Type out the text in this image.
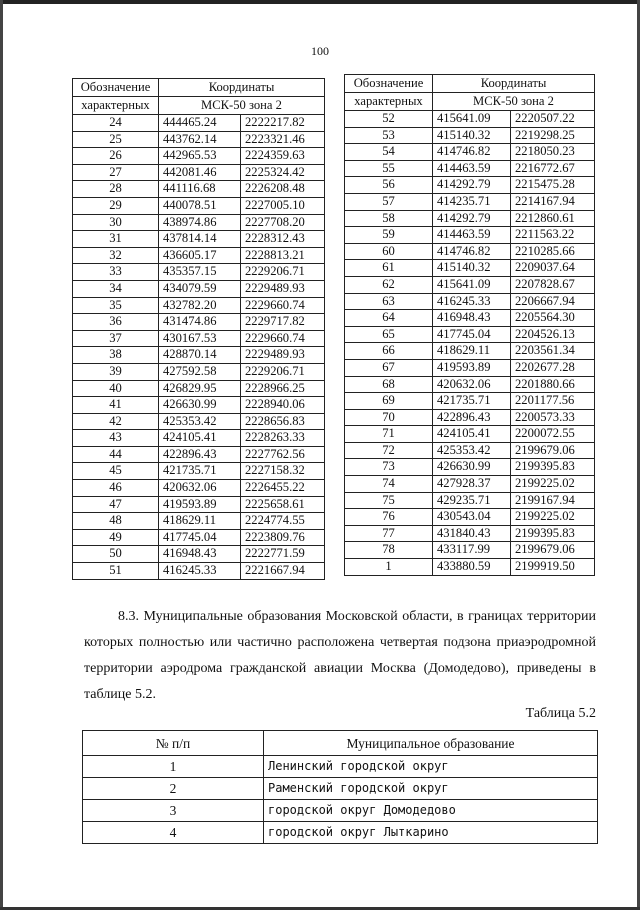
100
Обозначение	Координаты	
характерных	МСК-50 зона 2	
24	444465.24	2222217.82
25	443762.14	2223321.46
26	442965.53	2224359.63
27	442081.46	2225324.42
28	441116.68	2226208.48
29	440078.51	2227005.10
30	438974.86	2227708.20
31	437814.14	2228312.43
32	436605.17	2228813.21
33	435357.15	2229206.71
34	434079.59	2229489.93
35	432782.20	2229660.74
36	431474.86	2229717.82
37	430167.53	2229660.74
38	428870.14	2229489.93
39	427592.58	2229206.71
40	426829.95	2228966.25
41	426630.99	2228940.06
42	425353.42	2228656.83
43	424105.41	2228263.33
44	422896.43	2227762.56
45	421735.71	2227158.32
46	420632.06	2226455.22
47	419593.89	2225658.61
48	418629.11	2224774.55
49	417745.04	2223809.76
50	416948.43	2222771.59
51	416245.33	2221667.94
Обозначение	Координаты	
характерных	МСК-50 зона 2	
52	415641.09	2220507.22
53	415140.32	2219298.25
54	414746.82	2218050.23
55	414463.59	2216772.67
56	414292.79	2215475.28
57	414235.71	2214167.94
58	414292.79	2212860.61
59	414463.59	2211563.22
60	414746.82	2210285.66
61	415140.32	2209037.64
62	415641.09	2207828.67
63	416245.33	2206667.94
64	416948.43	2205564.30
65	417745.04	2204526.13
66	418629.11	2203561.34
67	419593.89	2202677.28
68	420632.06	2201880.66
69	421735.71	2201177.56
70	422896.43	2200573.33
71	424105.41	2200072.55
72	425353.42	2199679.06
73	426630.99	2199395.83
74	427928.37	2199225.02
75	429235.71	2199167.94
76	430543.04	2199225.02
77	431840.43	2199395.83
78	433117.99	2199679.06
1	433880.59	2199919.50
8.3. Муниципальные образования Московской области, в границах территории
которых полностью или частично расположена четвертая подзона приаэродромной
территории аэродрома гражданской авиации Москва (Домодедово), приведены в
таблице 5.2.
Таблица 5.2
№ п/п	Муниципальное образование
1	Ленинский городской округ
2	Раменский городской округ
3	городской округ Домодедово
4	городской округ Лыткарино
